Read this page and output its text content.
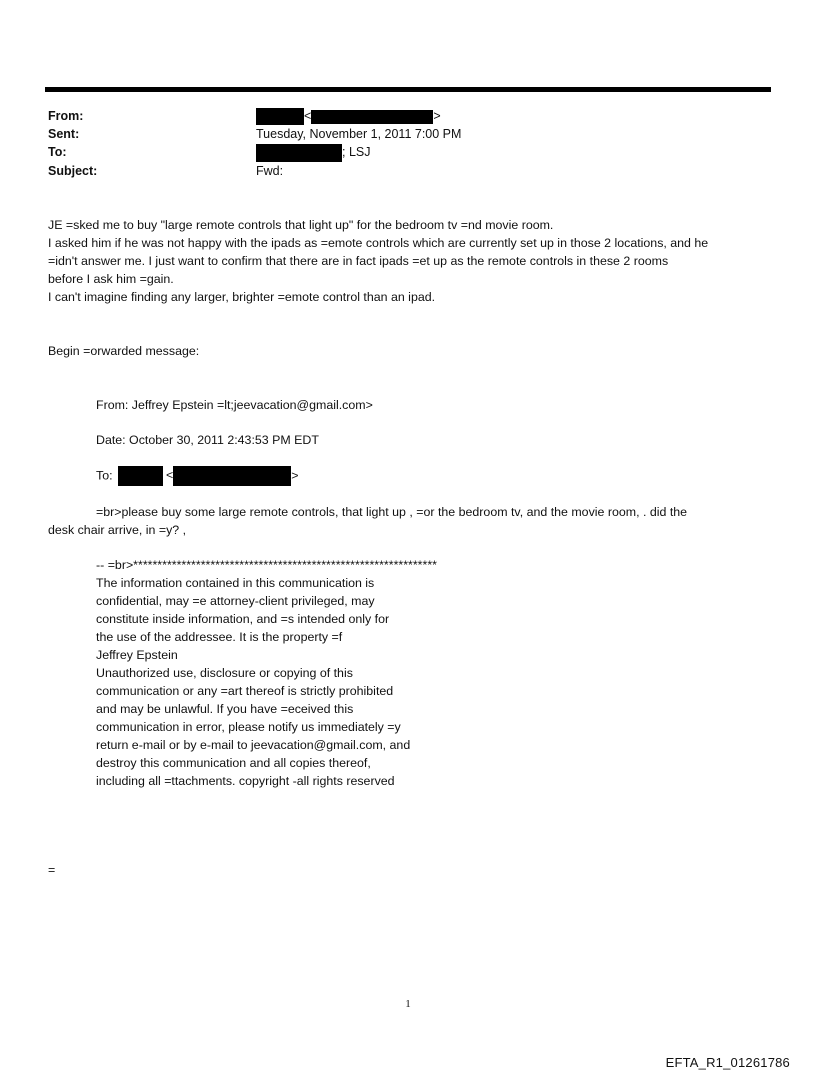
From:	<	>
Sent:	Tuesday, November 1, 2011 7:00 PM
To:	; LSJ
Subject:	Fwd:
JE =sked me to buy "large remote controls that light up" for the bedroom tv =nd movie room.
I asked him if he was not happy with the ipads as =emote controls which are currently set up in those 2 locations, and he
=idn't answer me. I just want to confirm that there are in fact ipads =et up as the remote controls in these 2 rooms
before I ask him =gain.
I can't imagine finding any larger, brighter =emote control than an ipad.
Begin =orwarded message:
From: Jeffrey Epstein =lt;jeevacation@gmail.com>
Date: October 30, 2011 2:43:53 PM EDT
To:	<	>
=br>please buy some large remote controls, that light up , =or the bedroom tv, and the movie room, . did the
desk chair arrive, in =y? ,
-- =br>***************************************************************
The information contained in this communication is
confidential, may =e attorney-client privileged, may
constitute inside information, and =s intended only for
the use of the addressee. It is the property =f
Jeffrey Epstein
Unauthorized use, disclosure or copying of this
communication or any =art thereof is strictly prohibited
and may be unlawful. If you have =eceived this
communication in error, please notify us immediately =y
return e-mail or by e-mail to jeevacation@gmail.com, and
destroy this communication and all copies thereof,
including all =ttachments. copyright -all rights reserved
=
1
EFTA_R1_01261786
